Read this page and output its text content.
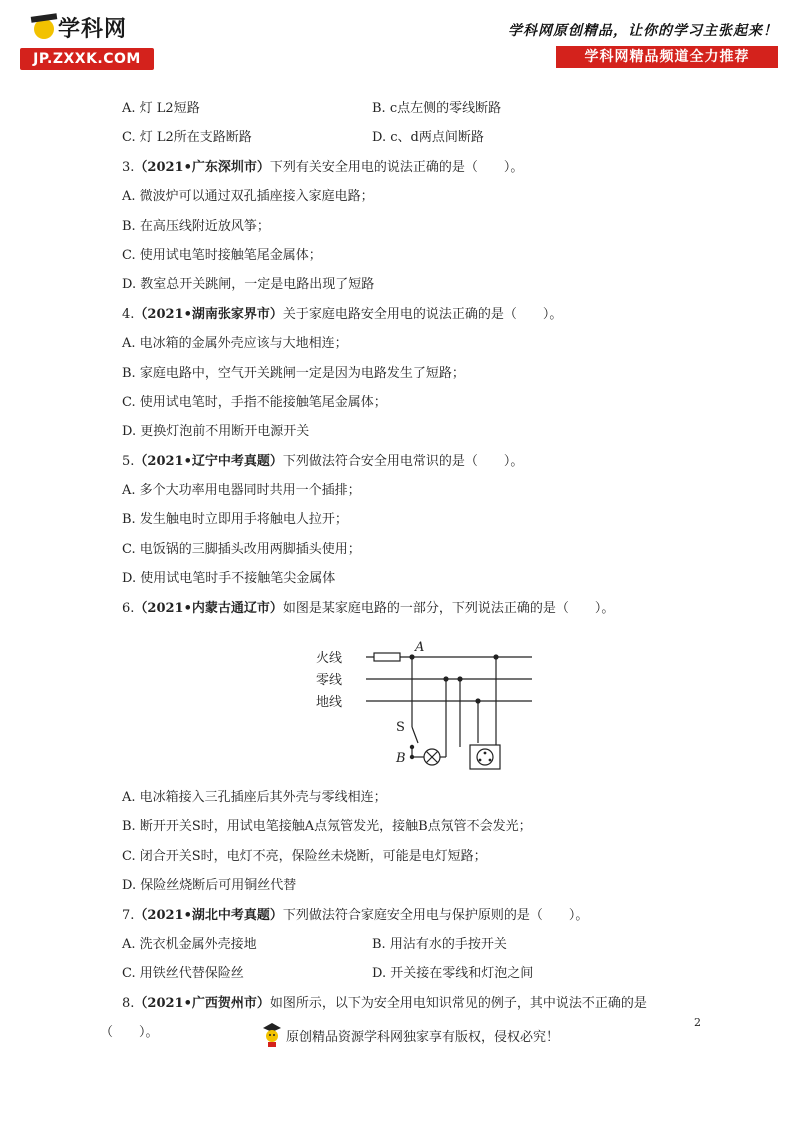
学科网
JP.ZXXK.COM
学科网原创精品，让你的学习主张起来！
学科网精品频道全力推荐
A. 灯 L2短路	B. c点左侧的零线断路
C. 灯 L2所在支路断路	D. c、d两点间断路
3.（2021•广东深圳市）下列有关安全用电的说法正确的是（　　）。
A. 微波炉可以通过双孔插座接入家庭电路；
B. 在高压线附近放风筝；
C. 使用试电笔时接触笔尾金属体；
D. 教室总开关跳闸，一定是电路出现了短路
4.（2021•湖南张家界市）关于家庭电路安全用电的说法正确的是（　　）。
A. 电冰箱的金属外壳应该与大地相连；
B. 家庭电路中，空气开关跳闸一定是因为电路发生了短路；
C. 使用试电笔时，手指不能接触笔尾金属体；
D. 更换灯泡前不用断开电源开关
5.（2021•辽宁中考真题）下列做法符合安全用电常识的是（　　）。
A. 多个大功率用电器同时共用一个插排；
B. 发生触电时立即用手将触电人拉开；
C. 电饭锅的三脚插头改用两脚插头使用；
D. 使用试电笔时手不接触笔尖金属体
6.（2021•内蒙古通辽市）如图是某家庭电路的一部分，下列说法正确的是（　　）。
火线
零线
地线
A
S
B
A. 电冰箱接入三孔插座后其外壳与零线相连；
B. 断开开关S时，用试电笔接触A点氖管发光，接触B点氖管不会发光；
C. 闭合开关S时，电灯不亮，保险丝未烧断，可能是电灯短路；
D. 保险丝烧断后可用铜丝代替
7.（2021•湖北中考真题）下列做法符合家庭安全用电与保护原则的是（　　）。
A. 洗衣机金属外壳接地	B. 用沾有水的手按开关
C. 用铁丝代替保险丝	D. 开关接在零线和灯泡之间
8.（2021•广西贺州市）如图所示，以下为安全用电知识常见的例子，其中说法不正确的是
（　　）。
2
原创精品资源学科网独家享有版权，侵权必究！
